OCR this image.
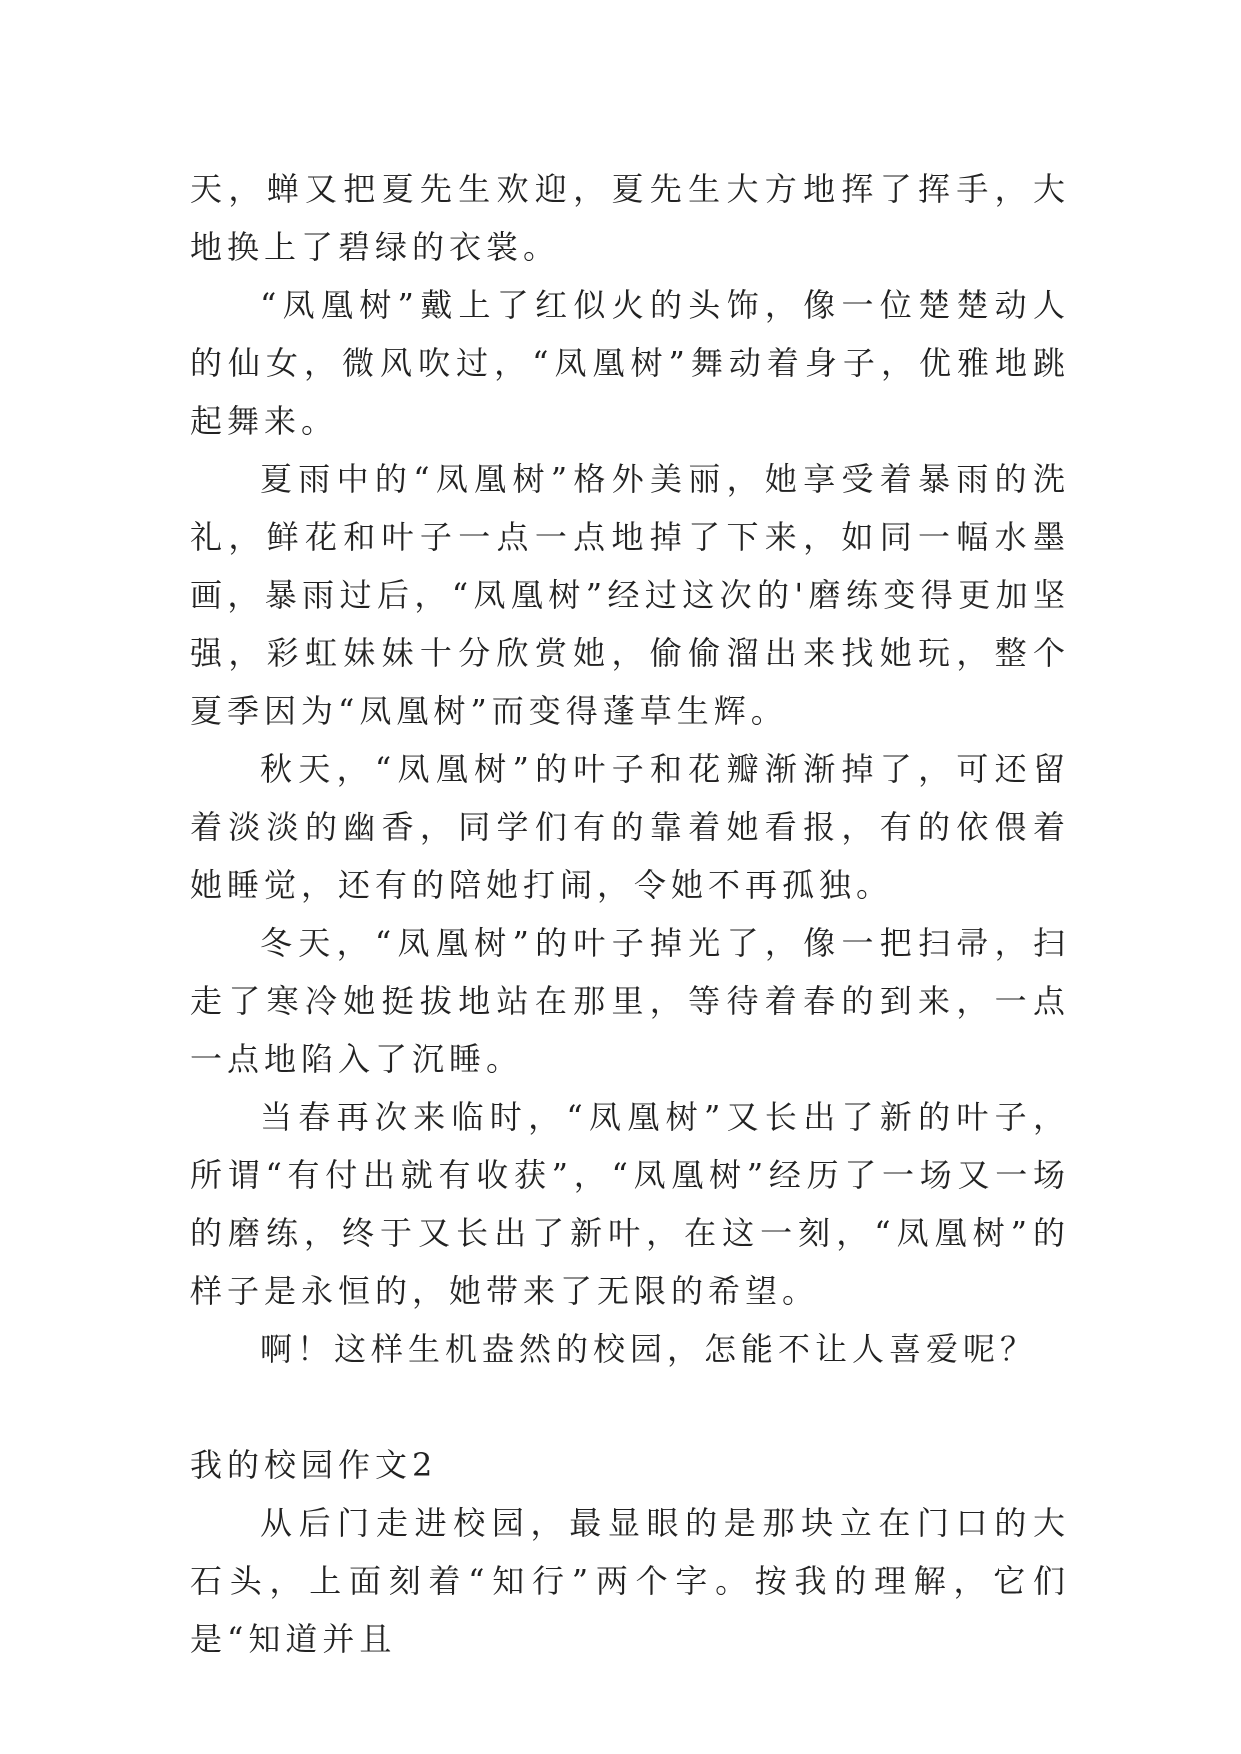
天，蝉又把夏先生欢迎，夏先生大方地挥了挥手，大地换上了碧绿的衣裳。

“凤凰树”戴上了红似火的头饰，像一位楚楚动人的仙女，微风吹过，“凤凰树”舞动着身子，优雅地跳起舞来。

夏雨中的“凤凰树”格外美丽，她享受着暴雨的洗礼，鲜花和叶子一点一点地掉了下来，如同一幅水墨画，暴雨过后，“凤凰树”经过这次的'磨练变得更加坚强，彩虹妹妹十分欣赏她，偷偷溜出来找她玩，整个夏季因为“凤凰树”而变得蓬草生辉。

秋天，“凤凰树”的叶子和花瓣渐渐掉了，可还留着淡淡的幽香，同学们有的靠着她看报，有的依偎着她睡觉，还有的陪她打闹，令她不再孤独。

冬天，“凤凰树”的叶子掉光了，像一把扫帚，扫走了寒冷她挺拔地站在那里，等待着春的到来，一点一点地陷入了沉睡。

当春再次来临时，“凤凰树”又长出了新的叶子，所谓“有付出就有收获”，“凤凰树”经历了一场又一场的磨练，终于又长出了新叶，在这一刻，“凤凰树”的样子是永恒的，她带来了无限的希望。

啊！这样生机盎然的校园，怎能不让人喜爱呢？

我的校园作文2

从后门走进校园，最显眼的是那块立在门口的大石头，上面刻着“知行”两个字。按我的理解，它们是“知道并且
